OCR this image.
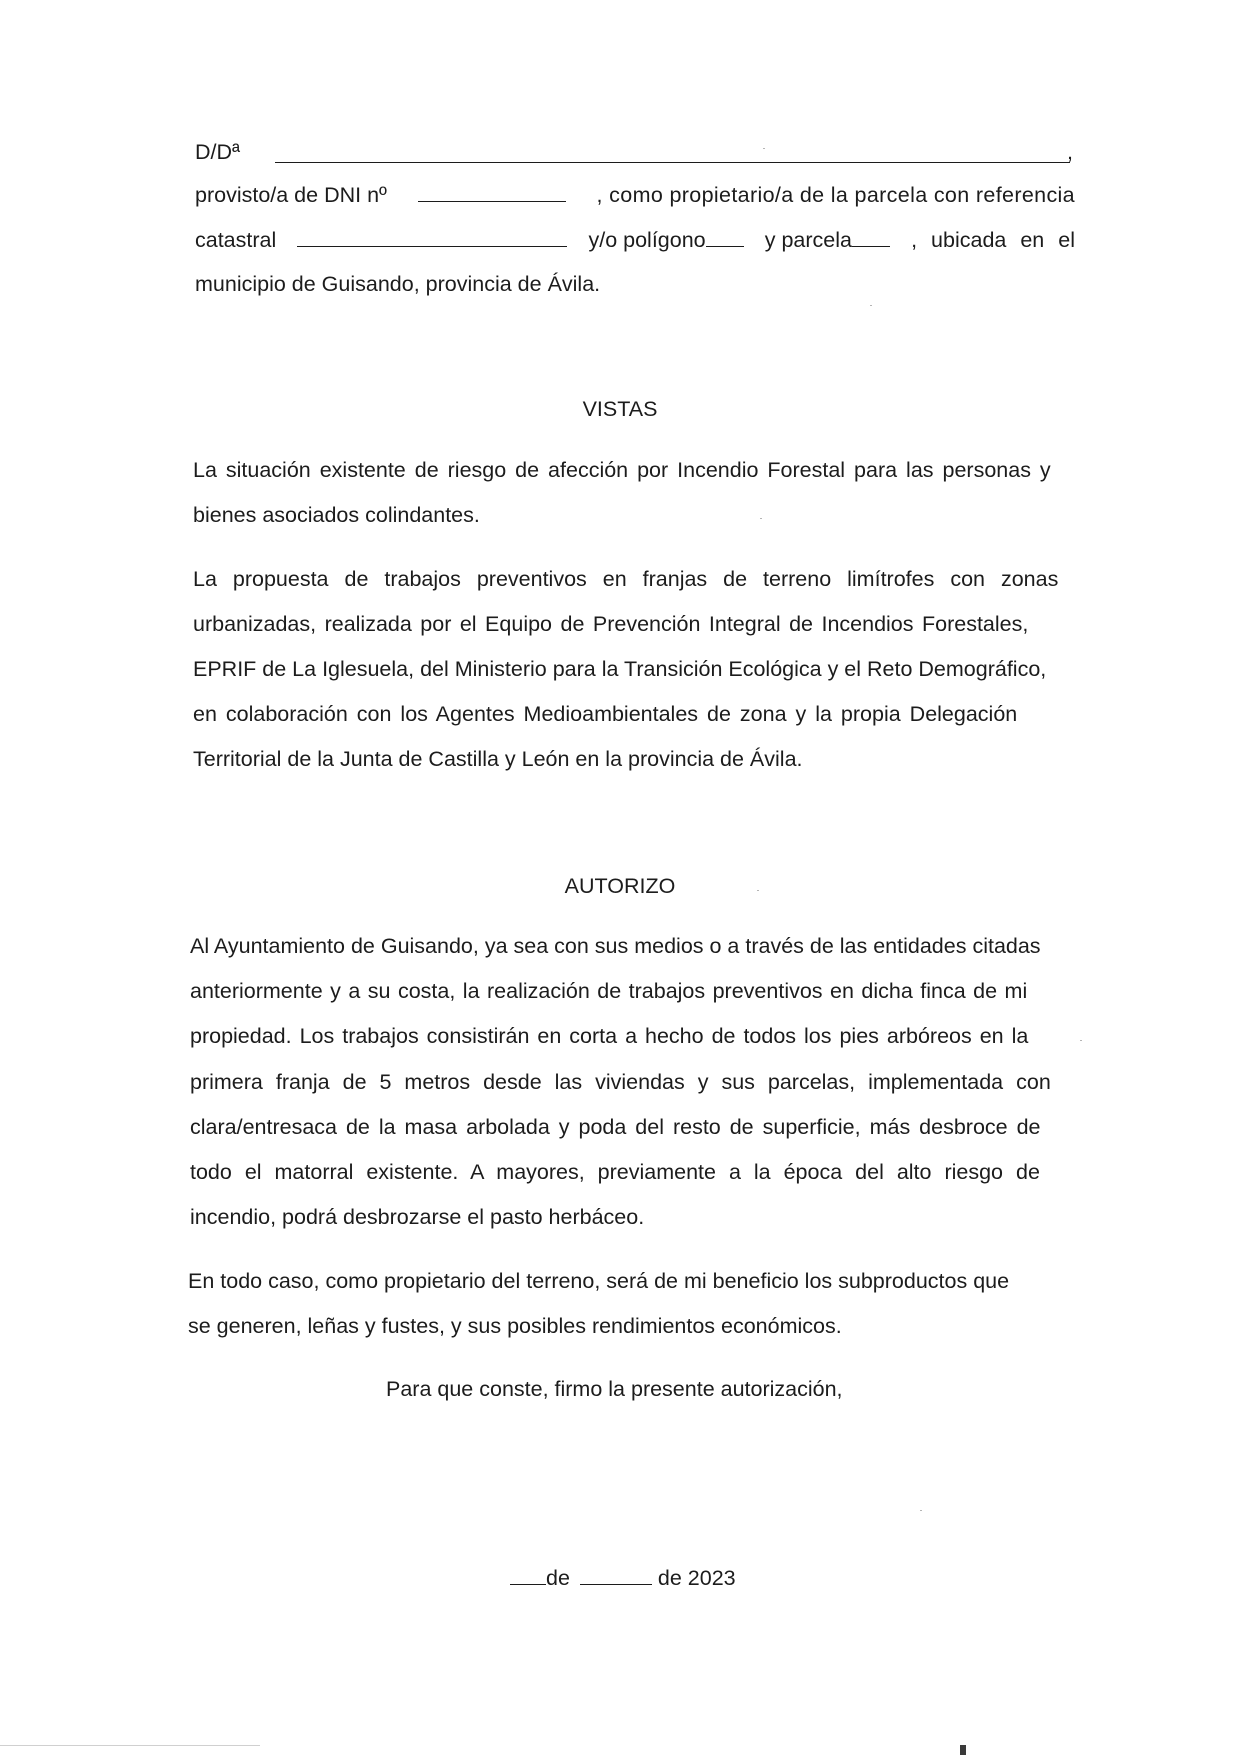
D/Dª	,
provisto/a de DNI nº	, como propietario/a de la parcela con referencia
catastral	y/o polígono	y parcela	, ubicada en el
municipio de Guisando, provincia de Ávila.
VISTAS
La situación existente de riesgo de afección por Incendio Forestal para las personas y
bienes asociados colindantes.
La propuesta de trabajos preventivos en franjas de terreno limítrofes con zonas
urbanizadas, realizada por el Equipo de Prevención Integral de Incendios Forestales,
EPRIF de La Iglesuela, del Ministerio para la Transición Ecológica y el Reto Demográfico,
en colaboración con los Agentes Medioambientales de zona y la propia Delegación
Territorial de la Junta de Castilla y León en la provincia de Ávila.
AUTORIZO
Al Ayuntamiento de Guisando, ya sea con sus medios o a través de las entidades citadas
anteriormente y a su costa, la realización de trabajos preventivos en dicha finca de mi
propiedad. Los trabajos consistirán en corta a hecho de todos los pies arbóreos en la
primera franja de 5 metros desde las viviendas y sus parcelas, implementada con
clara/entresaca de la masa arbolada y poda del resto de superficie, más desbroce de
todo el matorral existente. A mayores, previamente a la época del alto riesgo de
incendio, podrá desbrozarse el pasto herbáceo.
En todo caso, como propietario del terreno, será de mi beneficio los subproductos que
se generen, leñas y fustes, y sus posibles rendimientos económicos.
Para que conste, firmo la presente autorización,
de	de 2023
